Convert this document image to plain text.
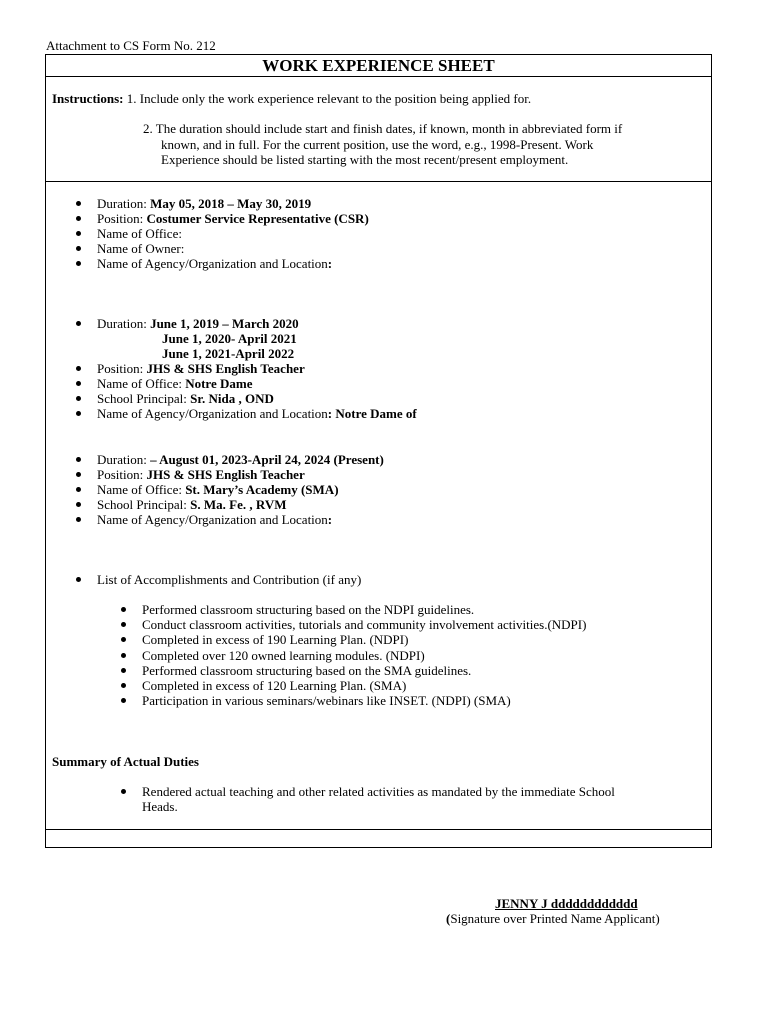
Attachment to CS Form No. 212
WORK EXPERIENCE SHEET
Instructions: 1. Include only the work experience relevant to the position being applied for.
2. The duration should include start and finish dates, if known, month in abbreviated form if
known, and in full. For the current position, use the word, e.g., 1998-Present. Work
Experience should be listed starting with the most recent/present employment.
Duration: May 05, 2018 – May 30, 2019
Position: Costumer Service Representative (CSR)
Name of Office:
Name of Owner:
Name of Agency/Organization and Location:
Duration: June 1, 2019 – March 2020
June 1, 2020- April 2021
June 1, 2021-April 2022
Position: JHS & SHS English Teacher
Name of Office: Notre Dame
School Principal: Sr. Nida , OND
Name of Agency/Organization and Location: Notre Dame of
Duration: – August 01, 2023-April 24, 2024 (Present)
Position: JHS & SHS English Teacher
Name of Office: St. Mary’s Academy (SMA)
School Principal: S. Ma. Fe. , RVM
Name of Agency/Organization and Location:
List of Accomplishments and Contribution (if any)
Performed classroom structuring based on the NDPI guidelines.
Conduct classroom activities, tutorials and community involvement activities.(NDPI)
Completed in excess of 190 Learning Plan. (NDPI)
Completed over 120 owned learning modules. (NDPI)
Performed classroom structuring based on the SMA guidelines.
Completed in excess of 120 Learning Plan. (SMA)
Participation in various seminars/webinars like INSET. (NDPI) (SMA)
Summary of Actual Duties
Rendered actual teaching and other related activities as mandated by the immediate School
Heads.
JENNY J dddddddddddd
(Signature over Printed Name Applicant)
